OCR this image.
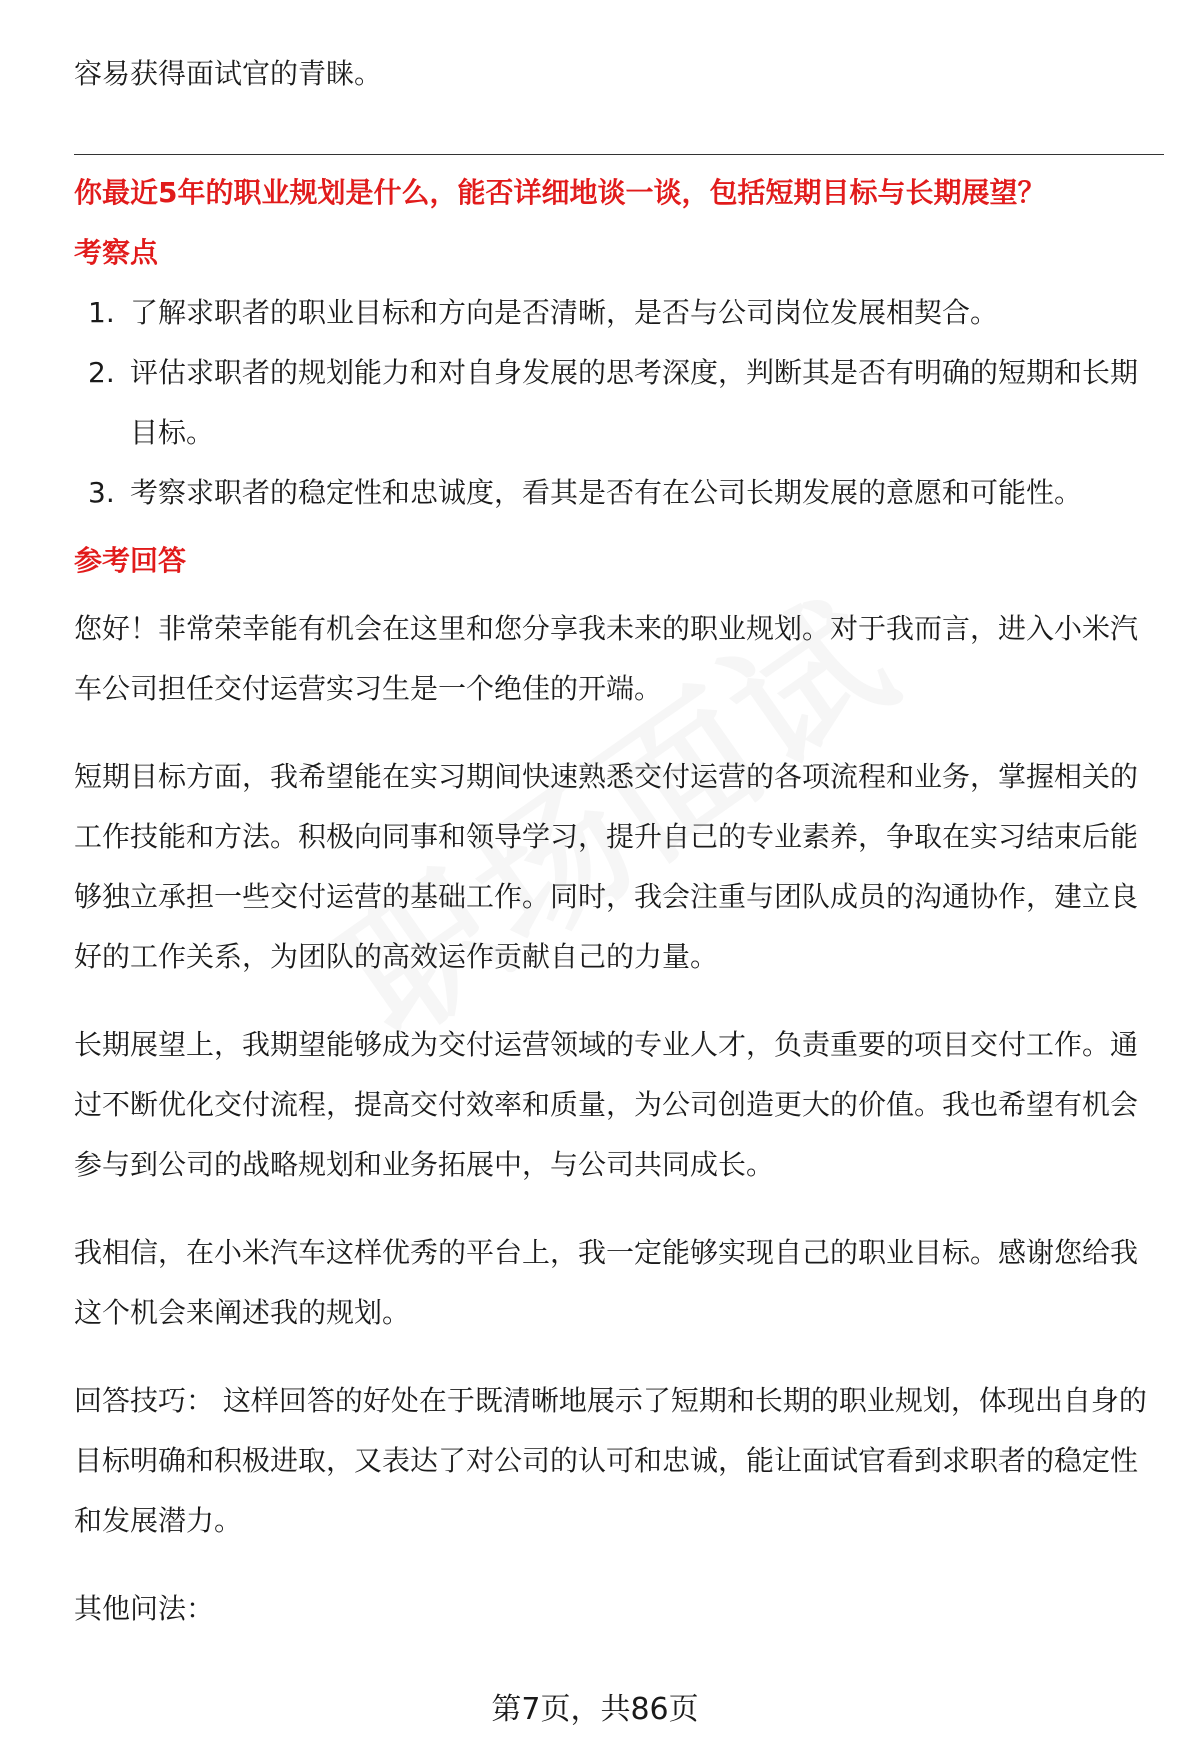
容易获得面试官的青睐。

你最近5年的职业规划是什么，能否详细地谈一谈，包括短期目标与长期展望？

考察点

1. 了解求职者的职业目标和方向是否清晰，是否与公司岗位发展相契合。
2. 评估求职者的规划能力和对自身发展的思考深度，判断其是否有明确的短期和长期目标。
3. 考察求职者的稳定性和忠诚度，看其是否有在公司长期发展的意愿和可能性。

参考回答

您好！非常荣幸能有机会在这里和您分享我未来的职业规划。对于我而言，进入小米汽车公司担任交付运营实习生是一个绝佳的开端。

短期目标方面，我希望能在实习期间快速熟悉交付运营的各项流程和业务，掌握相关的工作技能和方法。积极向同事和领导学习，提升自己的专业素养，争取在实习结束后能够独立承担一些交付运营的基础工作。同时，我会注重与团队成员的沟通协作，建立良好的工作关系，为团队的高效运作贡献自己的力量。

长期展望上，我期望能够成为交付运营领域的专业人才，负责重要的项目交付工作。通过不断优化交付流程，提高交付效率和质量，为公司创造更大的价值。我也希望有机会参与到公司的战略规划和业务拓展中，与公司共同成长。

我相信，在小米汽车这样优秀的平台上，我一定能够实现自己的职业目标。感谢您给我这个机会来阐述我的规划。

回答技巧： 这样回答的好处在于既清晰地展示了短期和长期的职业规划，体现出自身的目标明确和积极进取，又表达了对公司的认可和忠诚，能让面试官看到求职者的稳定性和发展潜力。

其他问法：

第7页，共86页
